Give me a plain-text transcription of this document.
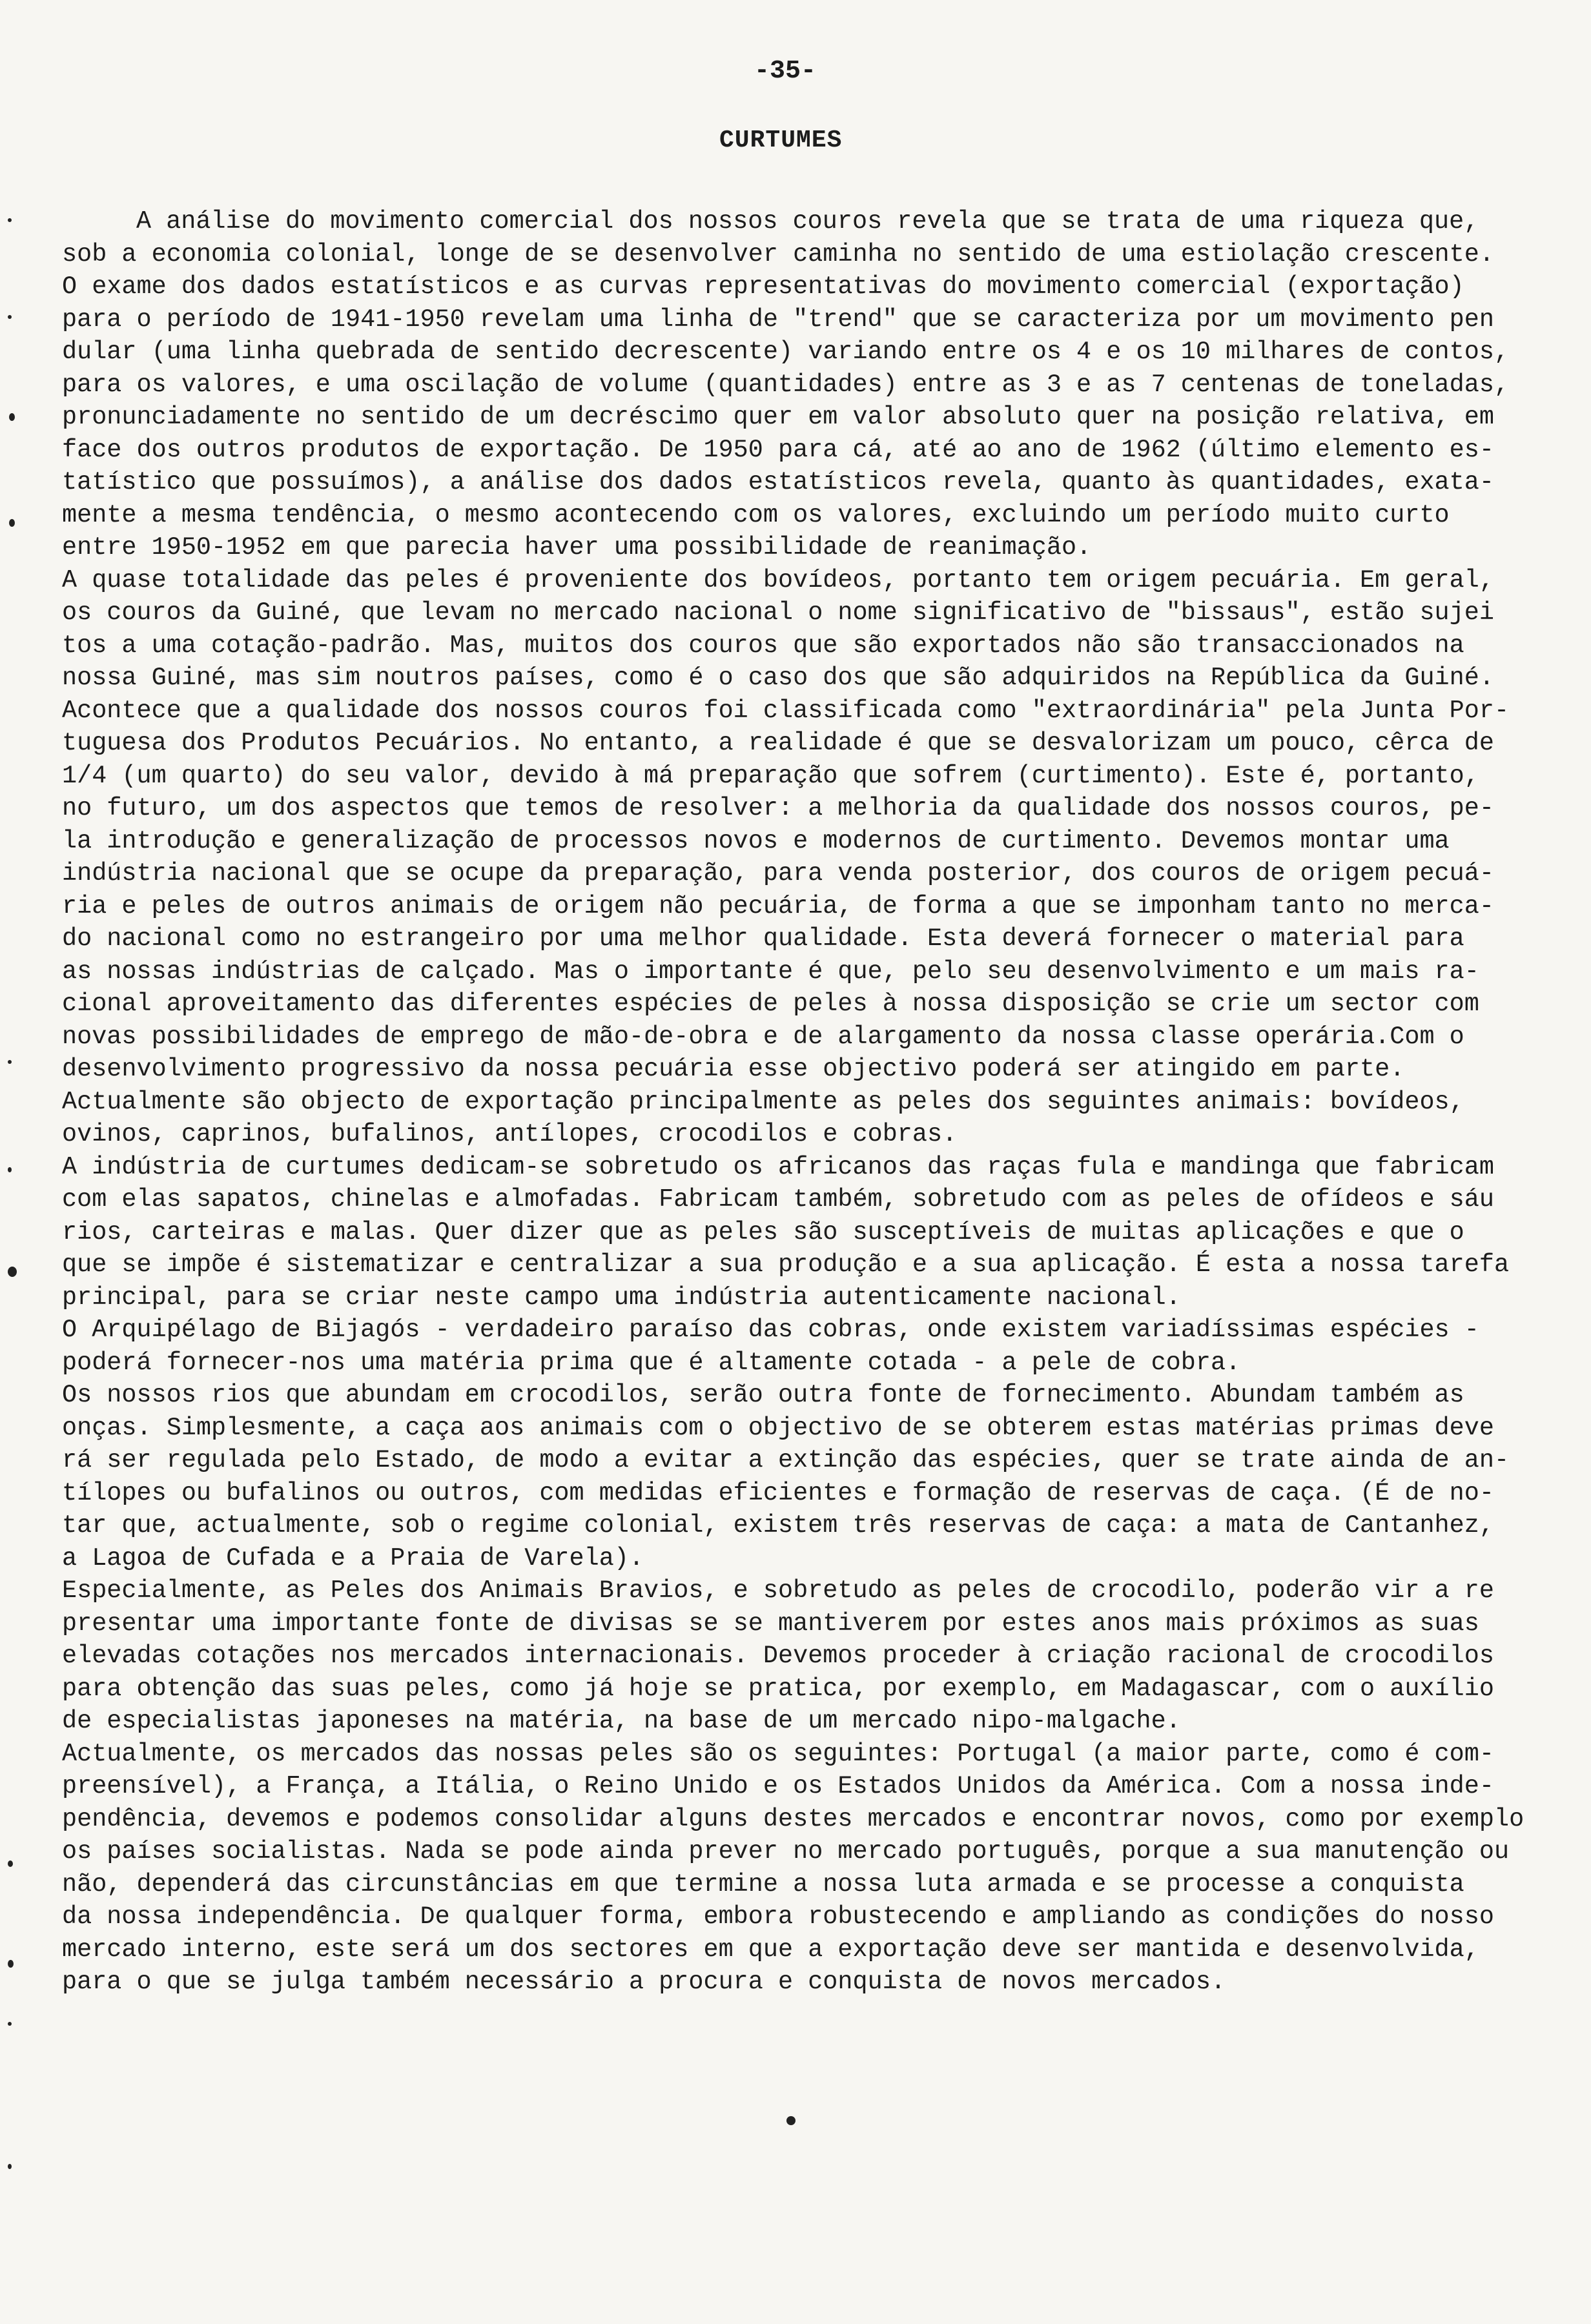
-35-
CURTUMES
A análise do movimento comercial dos nossos couros revela que se trata de uma riqueza que,
sob a economia colonial, longe de se desenvolver caminha no sentido de uma estiolação crescente.
O exame dos dados estatísticos e as curvas representativas do movimento comercial (exportação)
para o período de 1941-1950 revelam uma linha de "trend" que se caracteriza por um movimento pen
dular (uma linha quebrada de sentido decrescente) variando entre os 4 e os 10 milhares de contos,
para os valores, e uma oscilação de volume (quantidades) entre as 3 e as 7 centenas de toneladas,
pronunciadamente no sentido de um decréscimo quer em valor absoluto quer na posição relativa, em
face dos outros produtos de exportação. De 1950 para cá, até ao ano de 1962 (último elemento es-
tatístico que possuímos), a análise dos dados estatísticos revela, quanto às quantidades, exata-
mente a mesma tendência, o mesmo acontecendo com os valores, excluindo um período muito curto
entre 1950-1952 em que parecia haver uma possibilidade de reanimação.
A quase totalidade das peles é proveniente dos bovídeos, portanto tem origem pecuária. Em geral,
os couros da Guiné, que levam no mercado nacional o nome significativo de "bissaus", estão sujei
tos a uma cotação-padrão. Mas, muitos dos couros que são exportados não são transaccionados na
nossa Guiné, mas sim noutros países, como é o caso dos que são adquiridos na República da Guiné.
Acontece que a qualidade dos nossos couros foi classificada como "extraordinária" pela Junta Por-
tuguesa dos Produtos Pecuários. No entanto, a realidade é que se desvalorizam um pouco, cêrca de
1/4 (um quarto) do seu valor, devido à má preparação que sofrem (curtimento). Este é, portanto,
no futuro, um dos aspectos que temos de resolver: a melhoria da qualidade dos nossos couros, pe-
la introdução e generalização de processos novos e modernos de curtimento. Devemos montar uma
indústria nacional que se ocupe da preparação, para venda posterior, dos couros de origem pecuá-
ria e peles de outros animais de origem não pecuária, de forma a que se imponham tanto no merca-
do nacional como no estrangeiro por uma melhor qualidade. Esta deverá fornecer o material para
as nossas indústrias de calçado. Mas o importante é que, pelo seu desenvolvimento e um mais ra-
cional aproveitamento das diferentes espécies de peles à nossa disposição se crie um sector com
novas possibilidades de emprego de mão-de-obra e de alargamento da nossa classe operária.Com o
desenvolvimento progressivo da nossa pecuária esse objectivo poderá ser atingido em parte.
Actualmente são objecto de exportação principalmente as peles dos seguintes animais: bovídeos,
ovinos, caprinos, bufalinos, antílopes, crocodilos e cobras.
A indústria de curtumes dedicam-se sobretudo os africanos das raças fula e mandinga que fabricam
com elas sapatos, chinelas e almofadas. Fabricam também, sobretudo com as peles de ofídeos e sáu
rios, carteiras e malas. Quer dizer que as peles são susceptíveis de muitas aplicações e que o
que se impõe é sistematizar e centralizar a sua produção e a sua aplicação. É esta a nossa tarefa
principal, para se criar neste campo uma indústria autenticamente nacional.
O Arquipélago de Bijagós - verdadeiro paraíso das cobras, onde existem variadíssimas espécies -
poderá fornecer-nos uma matéria prima que é altamente cotada - a pele de cobra.
Os nossos rios que abundam em crocodilos, serão outra fonte de fornecimento. Abundam também as
onças. Simplesmente, a caça aos animais com o objectivo de se obterem estas matérias primas deve
rá ser regulada pelo Estado, de modo a evitar a extinção das espécies, quer se trate ainda de an-
tílopes ou bufalinos ou outros, com medidas eficientes e formação de reservas de caça. (É de no-
tar que, actualmente, sob o regime colonial, existem três reservas de caça: a mata de Cantanhez,
a Lagoa de Cufada e a Praia de Varela).
Especialmente, as Peles dos Animais Bravios, e sobretudo as peles de crocodilo, poderão vir a re
presentar uma importante fonte de divisas se se mantiverem por estes anos mais próximos as suas
elevadas cotações nos mercados internacionais. Devemos proceder à criação racional de crocodilos
para obtenção das suas peles, como já hoje se pratica, por exemplo, em Madagascar, com o auxílio
de especialistas japoneses na matéria, na base de um mercado nipo-malgache.
Actualmente, os mercados das nossas peles são os seguintes: Portugal (a maior parte, como é com-
preensível), a França, a Itália, o Reino Unido e os Estados Unidos da América. Com a nossa inde-
pendência, devemos e podemos consolidar alguns destes mercados e encontrar novos, como por exemplo
os países socialistas. Nada se pode ainda prever no mercado português, porque a sua manutenção ou
não, dependerá das circunstâncias em que termine a nossa luta armada e se processe a conquista
da nossa independência. De qualquer forma, embora robustecendo e ampliando as condições do nosso
mercado interno, este será um dos sectores em que a exportação deve ser mantida e desenvolvida,
para o que se julga também necessário a procura e conquista de novos mercados.
